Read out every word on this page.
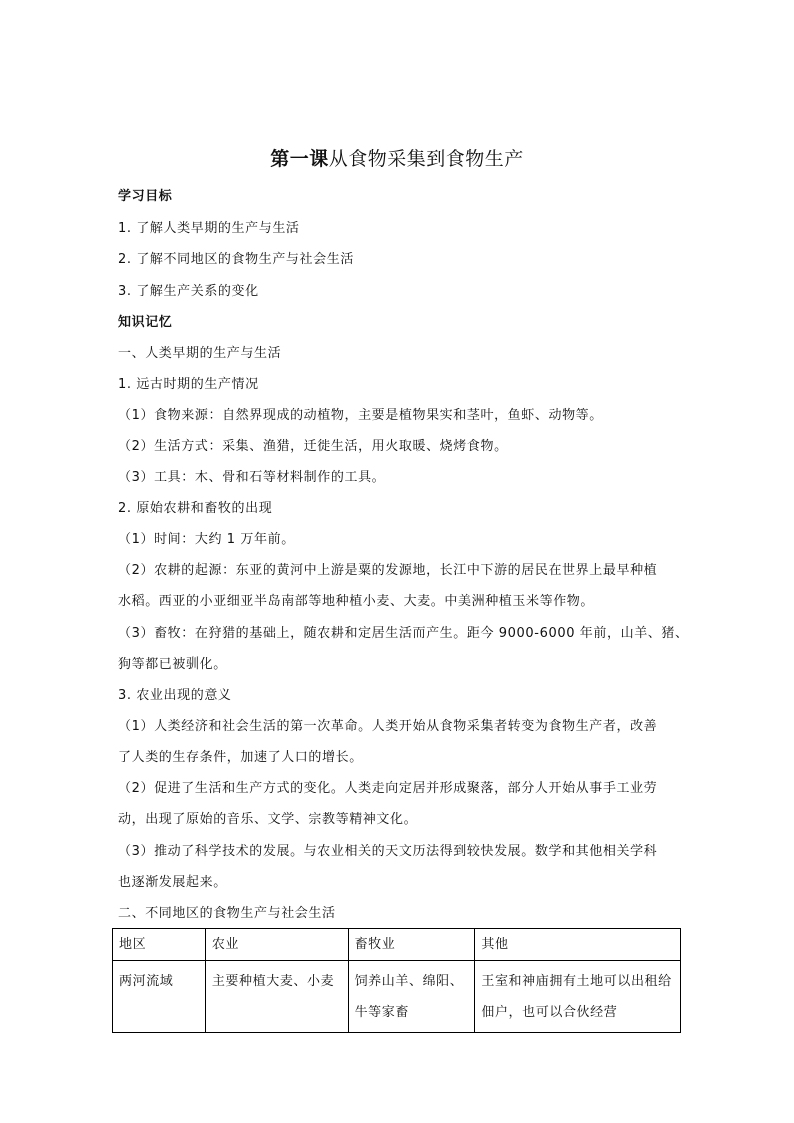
第一课从食物采集到食物生产
学习目标
1. 了解人类早期的生产与生活
2. 了解不同地区的食物生产与社会生活
3. 了解生产关系的变化
知识记忆
一、人类早期的生产与生活
1. 远古时期的生产情况
（1）食物来源：自然界现成的动植物，主要是植物果实和茎叶，鱼虾、动物等。
（2）生活方式：采集、渔猎，迁徙生活，用火取暖、烧烤食物。
（3）工具：木、骨和石等材料制作的工具。
2. 原始农耕和畜牧的出现
（1）时间：大约 1 万年前。
（2）农耕的起源：东亚的黄河中上游是粟的发源地，长江中下游的居民在世界上最早种植
水稻。西亚的小亚细亚半岛南部等地种植小麦、大麦。中美洲种植玉米等作物。
（3）畜牧：在狩猎的基础上，随农耕和定居生活而产生。距今 9000-6000 年前，山羊、猪、
狗等都已被驯化。
3. 农业出现的意义
（1）人类经济和社会生活的第一次革命。人类开始从食物采集者转变为食物生产者，改善
了人类的生存条件，加速了人口的增长。
（2）促进了生活和生产方式的变化。人类走向定居并形成聚落，部分人开始从事手工业劳
动，出现了原始的音乐、文学、宗教等精神文化。
（3）推动了科学技术的发展。与农业相关的天文历法得到较快发展。数学和其他相关学科
也逐渐发展起来。
二、不同地区的食物生产与社会生活
地区	农业	畜牧业	其他
两河流域	主要种植大麦、小麦	饲养山羊、绵阳、牛等家畜	王室和神庙拥有土地可以出租给佃户，也可以合伙经营
